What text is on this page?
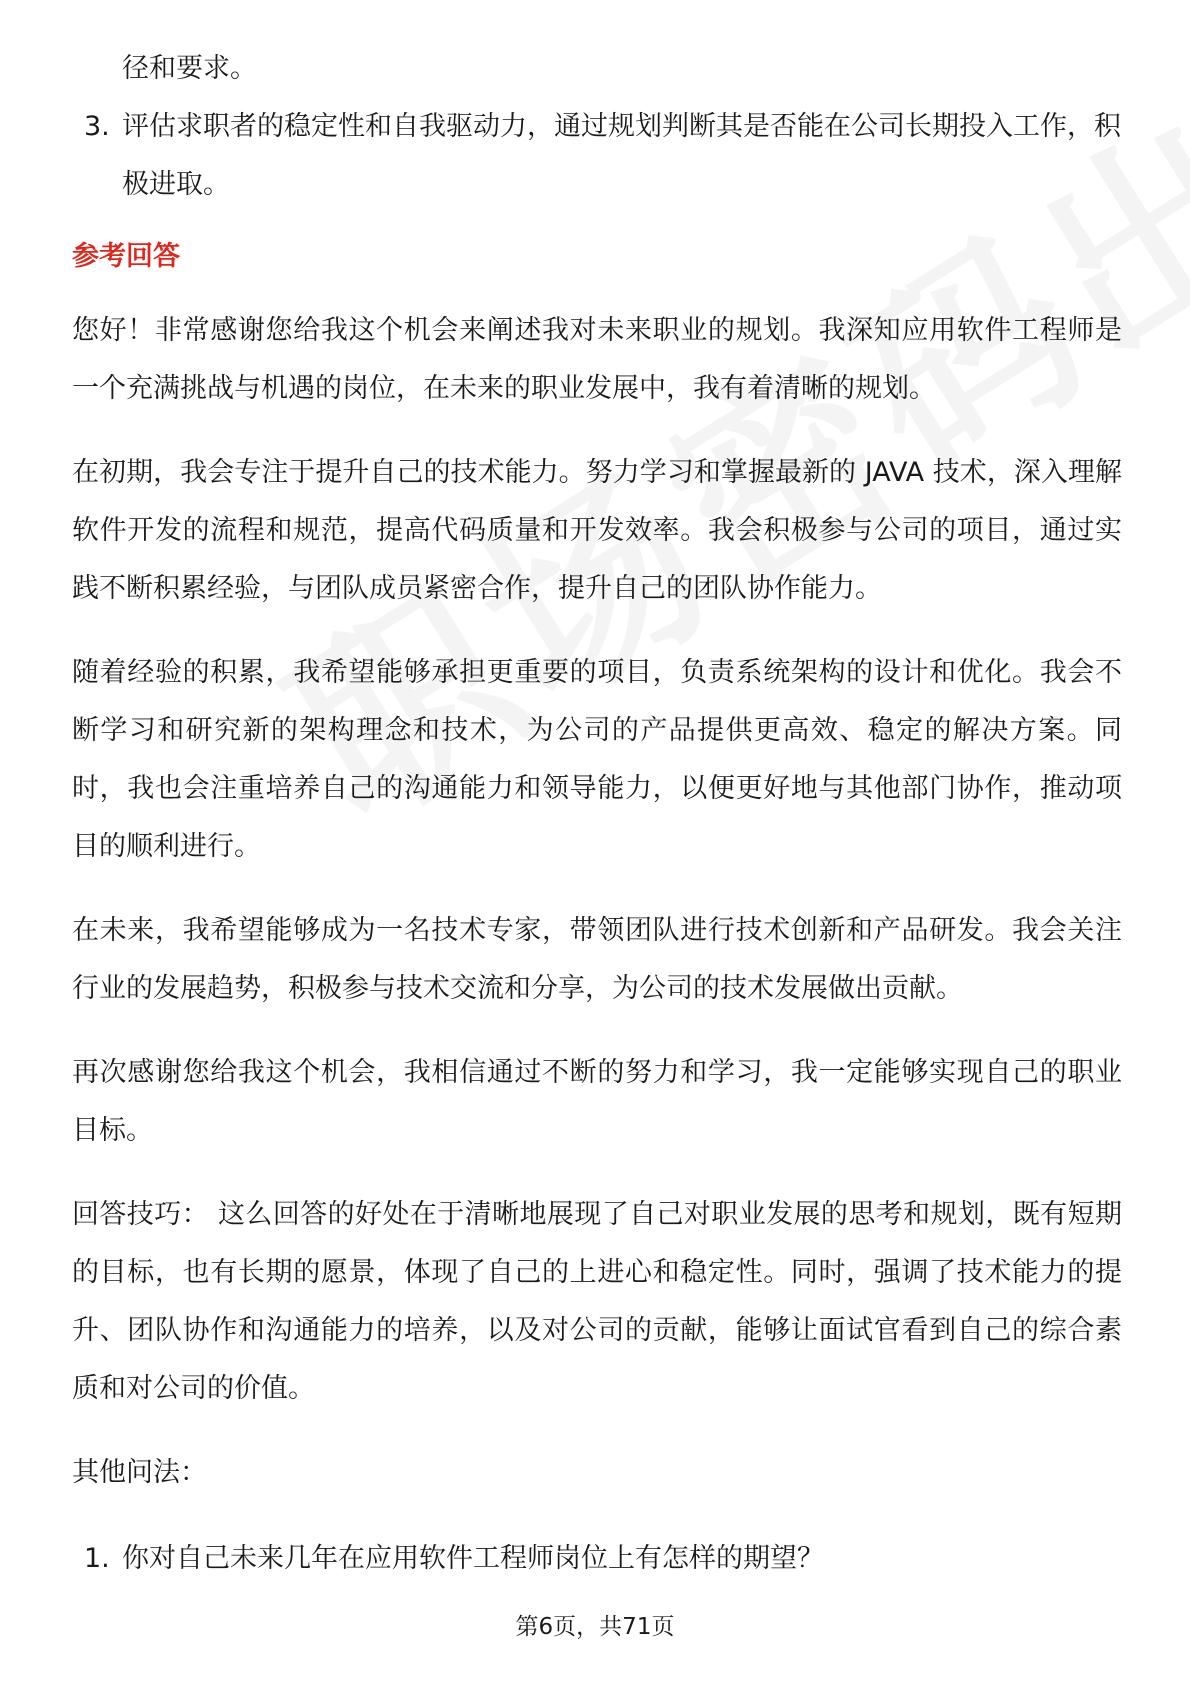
径和要求。
3. 评估求职者的稳定性和自我驱动力，通过规划判断其是否能在公司长期投入工作，积极进取。
参考回答

您好！非常感谢您给我这个机会来阐述我对未来职业的规划。我深知应用软件工程师是一个充满挑战与机遇的岗位，在未来的职业发展中，我有着清晰的规划。

在初期，我会专注于提升自己的技术能力。努力学习和掌握最新的 JAVA 技术，深入理解软件开发的流程和规范，提高代码质量和开发效率。我会积极参与公司的项目，通过实践不断积累经验，与团队成员紧密合作，提升自己的团队协作能力。

随着经验的积累，我希望能够承担更重要的项目，负责系统架构的设计和优化。我会不断学习和研究新的架构理念和技术，为公司的产品提供更高效、稳定的解决方案。同时，我也会注重培养自己的沟通能力和领导能力，以便更好地与其他部门协作，推动项目的顺利进行。

在未来，我希望能够成为一名技术专家，带领团队进行技术创新和产品研发。我会关注行业的发展趋势，积极参与技术交流和分享，为公司的技术发展做出贡献。

再次感谢您给我这个机会，我相信通过不断的努力和学习，我一定能够实现自己的职业目标。

回答技巧： 这么回答的好处在于清晰地展现了自己对职业发展的思考和规划，既有短期的目标，也有长期的愿景，体现了自己的上进心和稳定性。同时，强调了技术能力的提升、团队协作和沟通能力的培养，以及对公司的贡献，能够让面试官看到自己的综合素质和对公司的价值。

其他问法：
1. 你对自己未来几年在应用软件工程师岗位上有怎样的期望？
第6页，共71页
